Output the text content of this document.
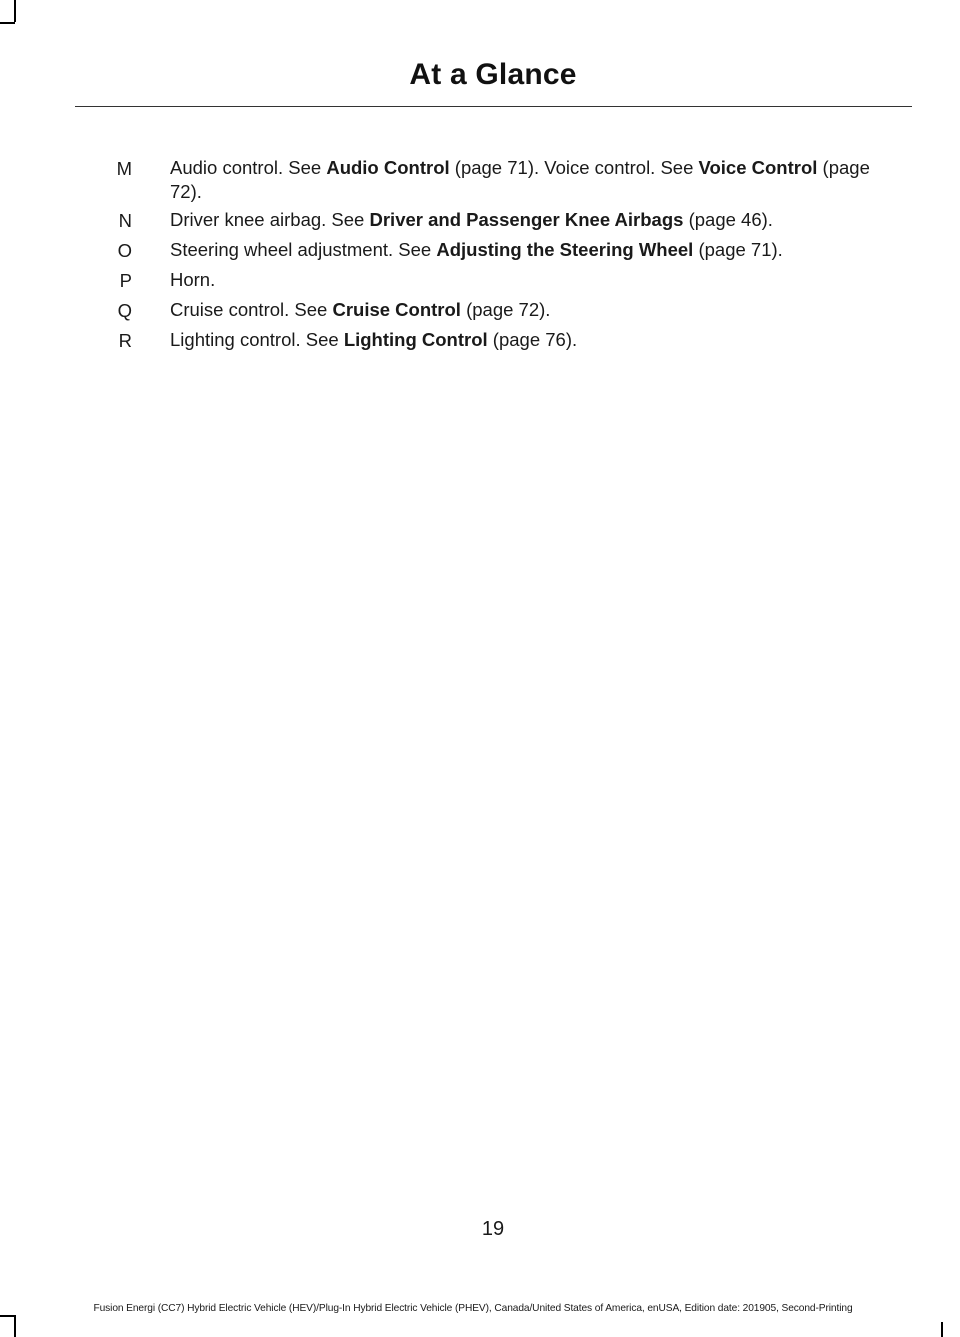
At a Glance
M Audio control. See Audio Control (page 71). Voice control. See Voice Control (page 72).
N Driver knee airbag. See Driver and Passenger Knee Airbags (page 46).
O Steering wheel adjustment. See Adjusting the Steering Wheel (page 71).
P Horn.
Q Cruise control. See Cruise Control (page 72).
R Lighting control. See Lighting Control (page 76).
19
Fusion Energi (CC7) Hybrid Electric Vehicle (HEV)/Plug-In Hybrid Electric Vehicle (PHEV), Canada/United States of America, enUSA, Edition date: 201905, Second-Printing
